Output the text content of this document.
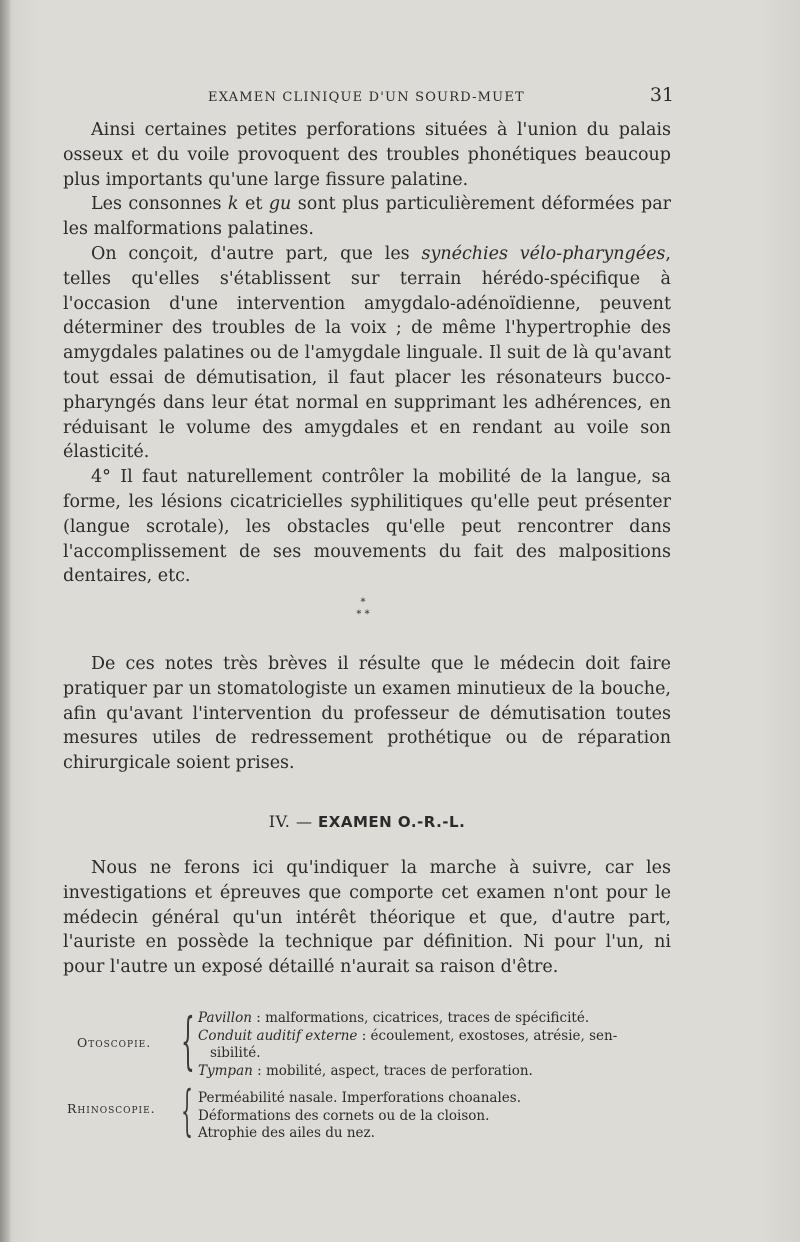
EXAMEN CLINIQUE D'UN SOURD-MUET	31

Ainsi certaines petites perforations situées à l'union du palais osseux et du voile provoquent des troubles phonétiques beaucoup plus importants qu'une large fissure palatine.

Les consonnes k et gu sont plus particulièrement déformées par les malformations palatines.

On conçoit, d'autre part, que les synéchies vélo-pharyngées, telles qu'elles s'établissent sur terrain hérédo-spécifique à l'occasion d'une intervention amygdalo-adénoïdienne, peuvent déterminer des troubles de la voix ; de même l'hypertrophie des amygdales palatines ou de l'amygdale linguale. Il suit de là qu'avant tout essai de démutisation, il faut placer les résonateurs bucco-pharyngés dans leur état normal en supprimant les adhérences, en réduisant le volume des amygdales et en rendant au voile son élasticité.

4° Il faut naturellement contrôler la mobilité de la langue, sa forme, les lésions cicatricielles syphilitiques qu'elle peut présenter (langue scrotale), les obstacles qu'elle peut rencontrer dans l'accomplissement de ses mouvements du fait des malpositions dentaires, etc.

*
* *

De ces notes très brèves il résulte que le médecin doit faire pratiquer par un stomatologiste un examen minutieux de la bouche, afin qu'avant l'intervention du professeur de démutisation toutes mesures utiles de redressement prothétique ou de réparation chirurgicale soient prises.

IV. — EXAMEN O.-R.-L.

Nous ne ferons ici qu'indiquer la marche à suivre, car les investigations et épreuves que comporte cet examen n'ont pour le médecin général qu'un intérêt théorique et que, d'autre part, l'auriste en possède la technique par définition. Ni pour l'un, ni pour l'autre un exposé détaillé n'aurait sa raison d'être.

Otoscopie. { Pavillon : malformations, cicatrices, traces de spécificité.

Conduit auditif externe : écoulement, exostoses, atrésie, sen-
sibilité.

Tympan : mobilité, aspect, traces de perforation.

Rhinoscopie. { Perméabilité nasale. Imperforations choanales.

Déformations des cornets ou de la cloison.

Atrophie des ailes du nez.
